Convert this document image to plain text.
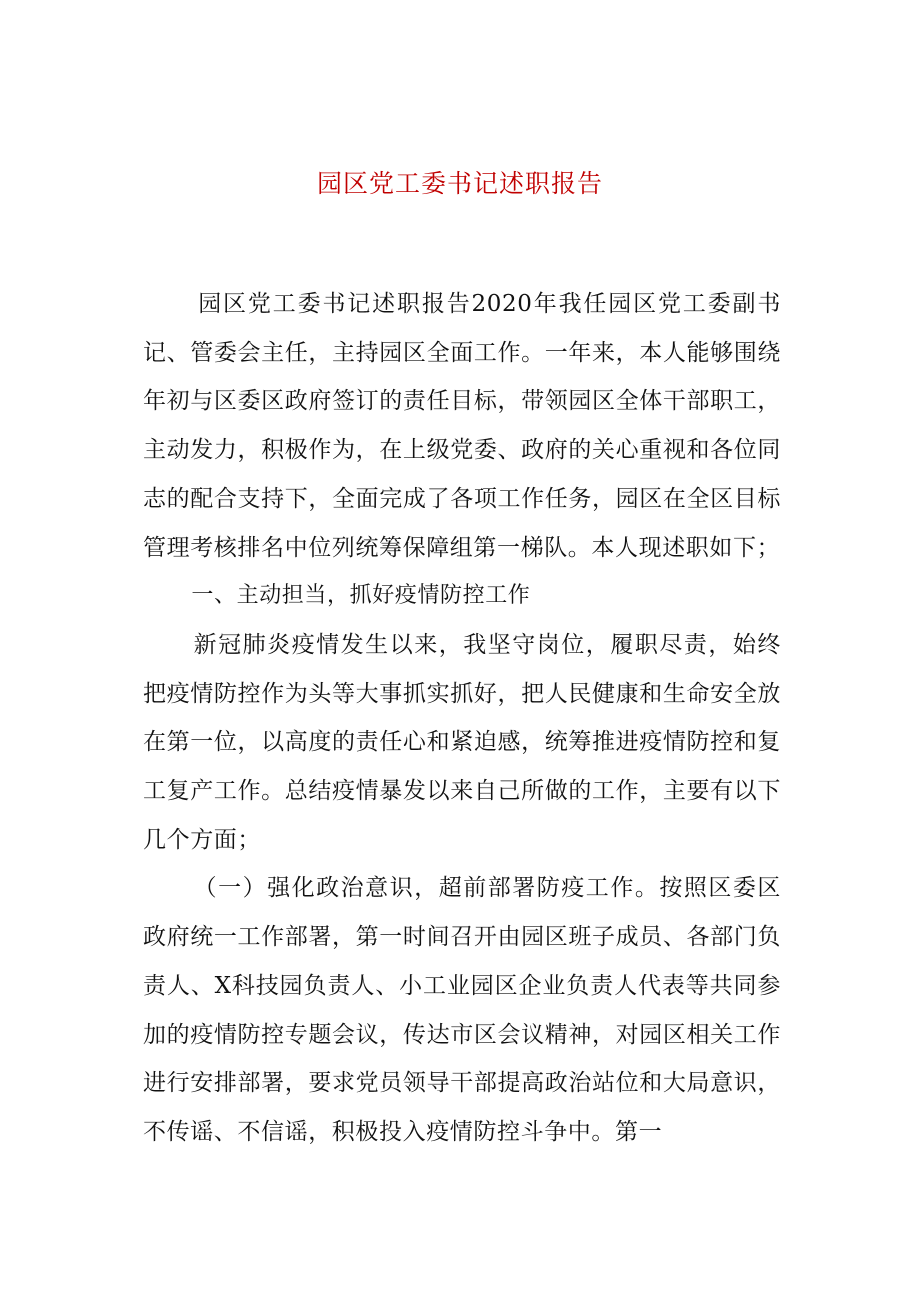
园区党工委书记述职报告

园区党工委书记述职报告2020年我任园区党工委副书记、管委会主任，主持园区全面工作。一年来，本人能够围绕年初与区委区政府签订的责任目标，带领园区全体干部职工，主动发力，积极作为，在上级党委、政府的关心重视和各位同志的配合支持下，全面完成了各项工作任务，园区在全区目标管理考核排名中位列统筹保障组第一梯队。本人现述职如下；

一、主动担当，抓好疫情防控工作

新冠肺炎疫情发生以来，我坚守岗位，履职尽责，始终把疫情防控作为头等大事抓实抓好，把人民健康和生命安全放在第一位，以高度的责任心和紧迫感，统筹推进疫情防控和复工复产工作。总结疫情暴发以来自己所做的工作，主要有以下几个方面；

（一）强化政治意识，超前部署防疫工作。按照区委区政府统一工作部署，第一时间召开由园区班子成员、各部门负责人、X科技园负责人、小工业园区企业负责人代表等共同参加的疫情防控专题会议，传达市区会议精神，对园区相关工作进行安排部署，要求党员领导干部提高政治站位和大局意识，不传谣、不信谣，积极投入疫情防控斗争中。第一
